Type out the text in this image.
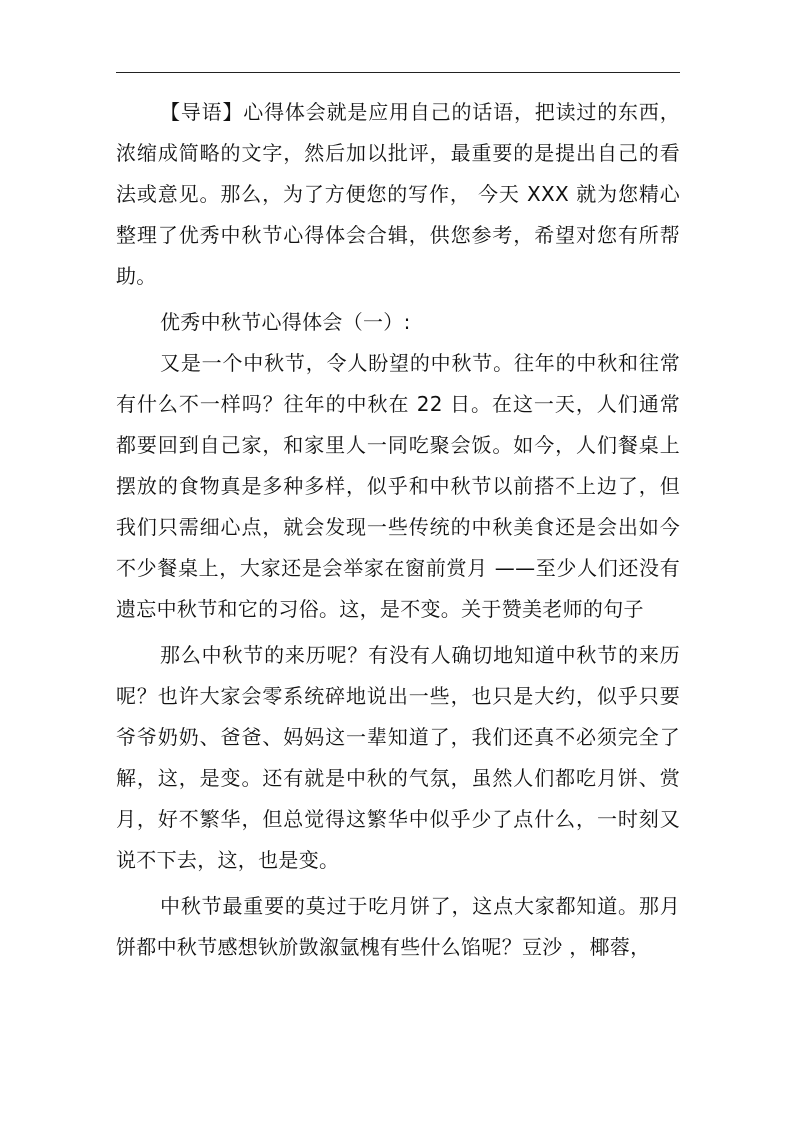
【导语】心得体会就是应用自己的话语，把读过的东西，浓缩成简略的文字，然后加以批评，最重要的是提出自己的看法或意见。那么，为了方便您的写作， 今天 XXX 就为您精心整理了优秀中秋节心得体会合辑，供您参考，希望对您有所帮助。

优秀中秋节心得体会（一）:

又是一个中秋节，令人盼望的中秋节。往年的中秋和往常有什么不一样吗？往年的中秋在 22 日。在这一天，人们通常都要回到自己家，和家里人一同吃聚会饭。如今，人们餐桌上摆放的食物真是多种多样，似乎和中秋节以前搭不上边了，但我们只需细心点，就会发现一些传统的中秋美食还是会出如今不少餐桌上，大家还是会举家在窗前赏月 ——至少人们还没有遗忘中秋节和它的习俗。这，是不变。关于赞美老师的句子

那么中秋节的来历呢？有没有人确切地知道中秋节的来历呢？也许大家会零系统碎地说出一些，也只是大约，似乎只要爷爷奶奶、爸爸、妈妈这一辈知道了，我们还真不必须完全了解，这，是变。还有就是中秋的气氛，虽然人们都吃月饼、赏月，好不繁华，但总觉得这繁华中似乎少了点什么，一时刻又说不下去，这，也是变。

中秋节最重要的莫过于吃月饼了，这点大家都知道。那月饼都中秋节感想钬斺敳溆氩槐有些什么馅呢？豆沙 ，椰蓉，
